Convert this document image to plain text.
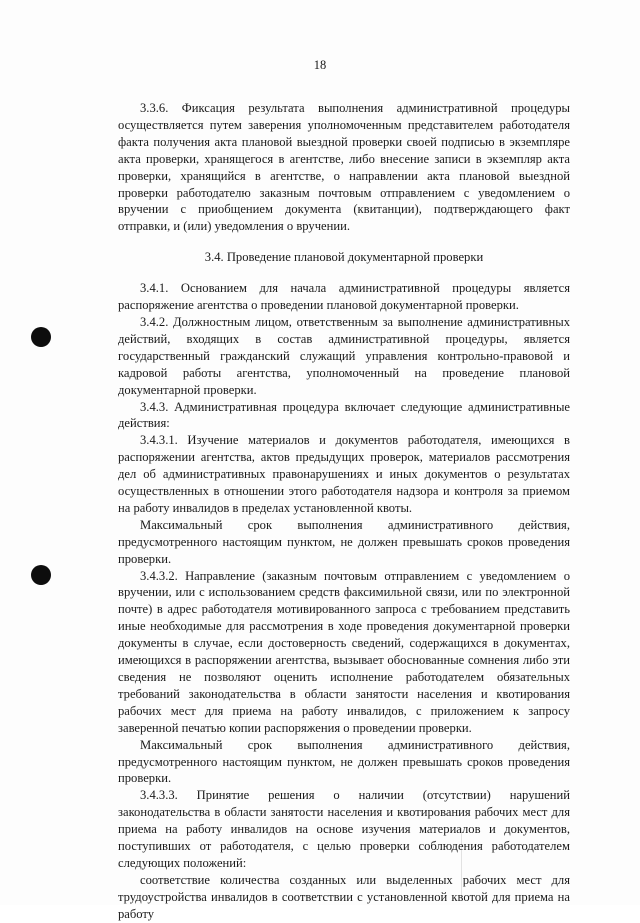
18

3.3.6. Фиксация результата выполнения административной процедуры осуществляется путем заверения уполномоченным представителем работодателя факта получения акта плановой выездной проверки своей подписью в экземпляре акта проверки, хранящегося в агентстве, либо внесение записи в экземпляр акта проверки, хранящийся в агентстве, о направлении акта плановой выездной проверки работодателю заказным почтовым отправлением с уведомлением о вручении с приобщением документа (квитанции), подтверждающего факт отправки, и (или) уведомления о вручении.

3.4. Проведение плановой документарной проверки

3.4.1. Основанием для начала административной процедуры является распоряжение агентства о проведении плановой документарной проверки.

3.4.2. Должностным лицом, ответственным за выполнение административных действий, входящих в состав административной процедуры, является государственный гражданский служащий управления контрольно-правовой и кадровой работы агентства, уполномоченный на проведение плановой документарной проверки.

3.4.3. Административная процедура включает следующие административные действия:

3.4.3.1. Изучение материалов и документов работодателя, имеющихся в распоряжении агентства, актов предыдущих проверок, материалов рассмотрения дел об административных правонарушениях и иных документов о результатах осуществленных в отношении этого работодателя надзора и контроля за приемом на работу инвалидов в пределах установленной квоты.

Максимальный срок выполнения административного действия, предусмотренного настоящим пунктом, не должен превышать сроков проведения проверки.

3.4.3.2. Направление (заказным почтовым отправлением с уведомлением о вручении, или с использованием средств факсимильной связи, или по электронной почте) в адрес работодателя мотивированного запроса с требованием представить иные необходимые для рассмотрения в ходе проведения документарной проверки документы в случае, если достоверность сведений, содержащихся в документах, имеющихся в распоряжении агентства, вызывает обоснованные сомнения либо эти сведения не позволяют оценить исполнение работодателем обязательных требований законодательства в области занятости населения и квотирования рабочих мест для приема на работу инвалидов, с приложением к запросу заверенной печатью копии распоряжения о проведении проверки.

Максимальный срок выполнения административного действия, предусмотренного настоящим пунктом, не должен превышать сроков проведения проверки.

3.4.3.3. Принятие решения о наличии (отсутствии) нарушений законодательства в области занятости населения и квотирования рабочих мест для приема на работу инвалидов на основе изучения материалов и документов, поступивших от работодателя, с целью проверки соблюдения работодателем следующих положений:

соответствие количества созданных или выделенных рабочих мест для трудоустройства инвалидов в соответствии с установленной квотой для приема на работу
